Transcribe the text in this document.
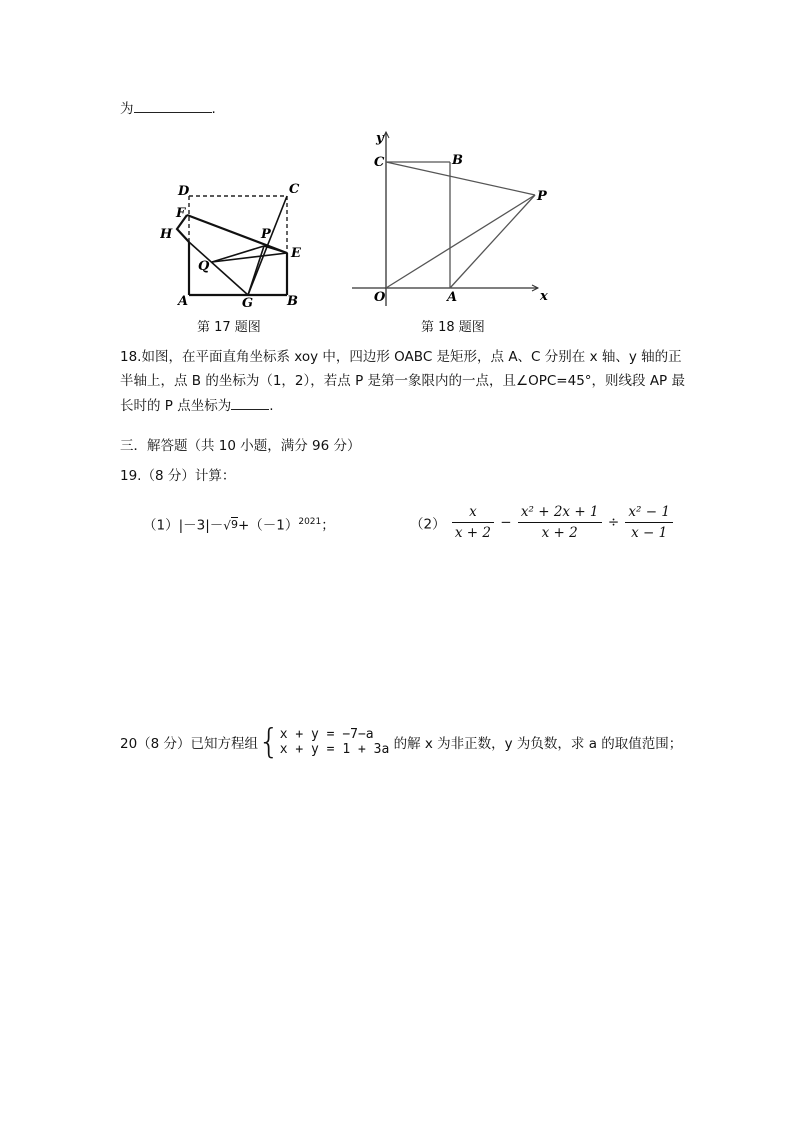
为	.
D	C
F
H	P
E
Q
A	G	B
第 17 题图
y
C	B
P
O	A	x
第 18 题图
18.如图，在平面直角坐标系 xoy 中，四边形 OABC 是矩形，点 A、C 分别在 x 轴、y 轴的正
半轴上，点 B 的坐标为（1，2），若点 P 是第一象限内的一点，且∠OPC=45°，则线段 AP 最
长时的 P 点坐标为	.
三．解答题（共 10 小题，满分 96 分）
19.（8 分）计算：
$(1)|-3|-√9+(-1)^{2021}$；	$(2) \frac{x}{x + 2} - \frac{\text{x² + 2x + 1}}{x + 2} \div \frac{\text{x² − 1}}{x - 1}$
20（8 分）已知方程组{x + y = −7−a
x + y = 1 + 3a 的解 x 为非正数，y 为负数，求 a 的取值范围；
